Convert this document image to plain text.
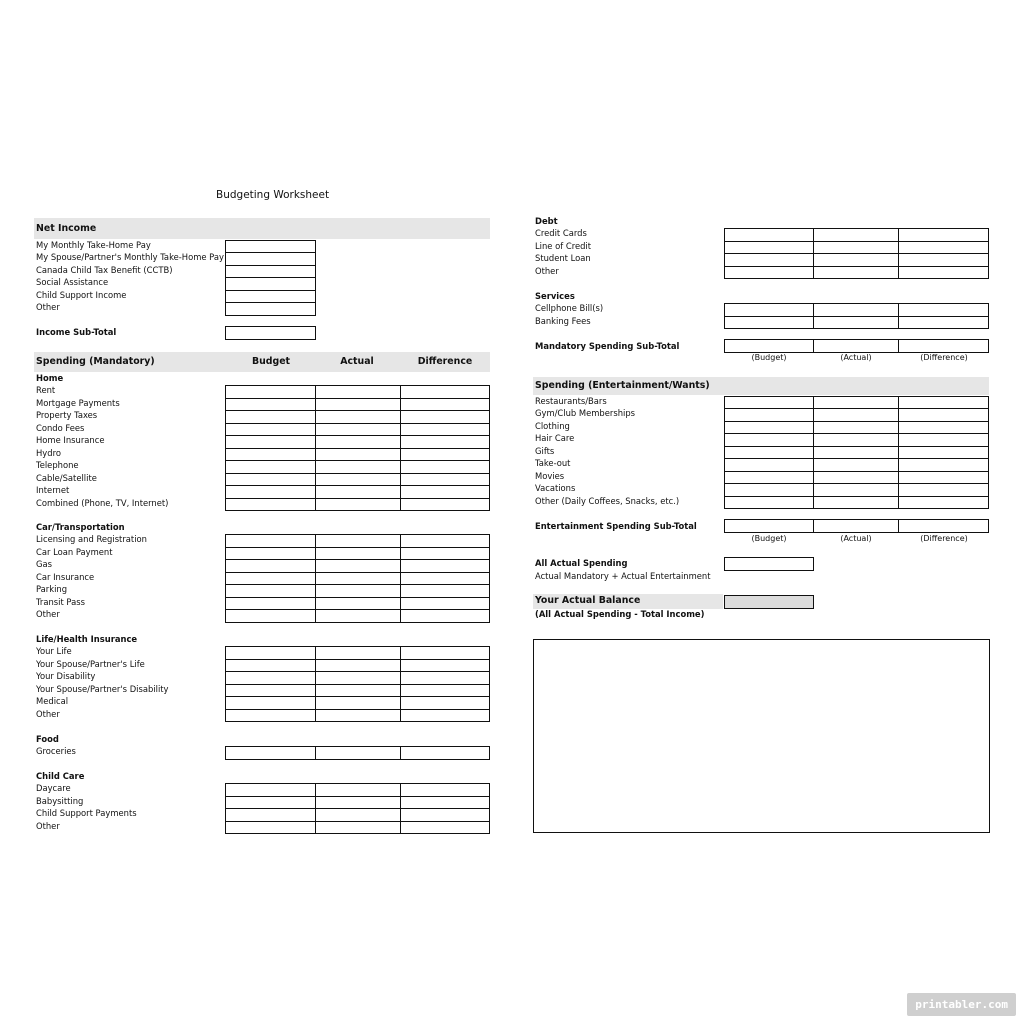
Budgeting Worksheet
Net Income
My Monthly Take-Home Pay
My Spouse/Partner's Monthly Take-Home Pay
Canada Child Tax Benefit (CCTB)
Social Assistance
Child Support Income
Other
Income Sub-Total
Spending (Mandatory)	Budget	Actual	Difference
Home
Rent
Mortgage Payments
Property Taxes
Condo Fees
Home Insurance
Hydro
Telephone
Cable/Satellite
Internet
Combined (Phone, TV, Internet)
Car/Transportation
Licensing and Registration
Car Loan Payment
Gas
Car Insurance
Parking
Transit Pass
Other
Life/Health Insurance
Your Life
Your Spouse/Partner's Life
Your Disability
Your Spouse/Partner's Disability
Medical
Other
Food
Groceries
Child Care
Daycare
Babysitting
Child Support Payments
Other
Debt
Credit Cards
Line of Credit
Student Loan
Other
Services
Cellphone Bill(s)
Banking Fees
Mandatory Spending Sub-Total
(Budget)	(Actual)	(Difference)
Spending (Entertainment/Wants)
Restaurants/Bars
Gym/Club Memberships
Clothing
Hair Care
Gifts
Take-out
Movies
Vacations
Other (Daily Coffees, Snacks, etc.)
Entertainment Spending Sub-Total
(Budget)	(Actual)	(Difference)
All Actual Spending
Actual Mandatory + Actual Entertainment
Your Actual Balance
(All Actual Spending - Total Income)
printabler.com
